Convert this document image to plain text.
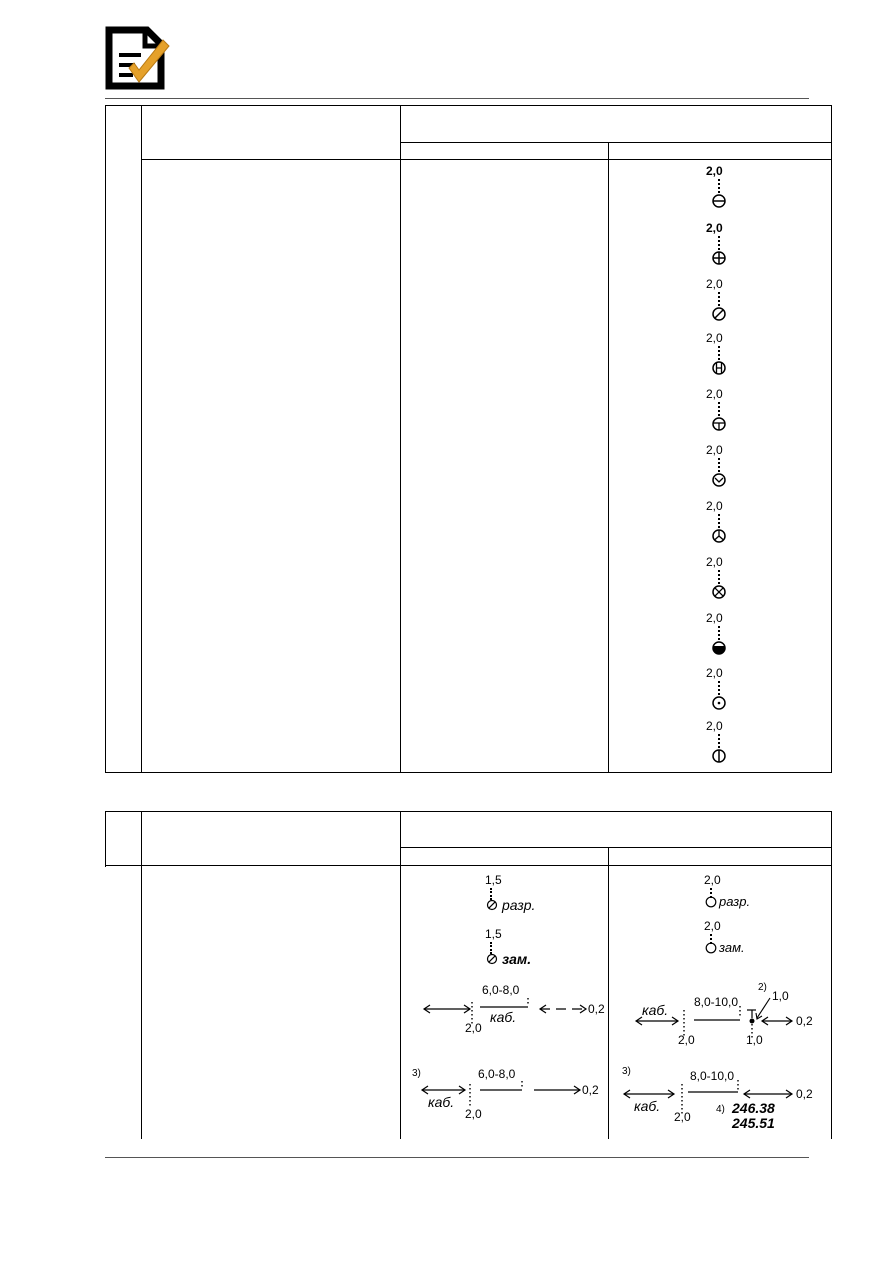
2,0
2,0
2,0
2,0
2,0
2,0
2,0
2,0
2,0
2,0
2,0
1,5
разр.
1,5
зам.
6,0-8,0
каб.
2,0
0,2
3)	6,0-8,0
каб.
2,0
0,2
2,0
разр.
2,0
зам.
каб. 8,0-10,0
2,0
2)
1,0
1,0
0,2
3)
каб.
8,0-10,0
2,0
4) 246.38
245.51
0,2
